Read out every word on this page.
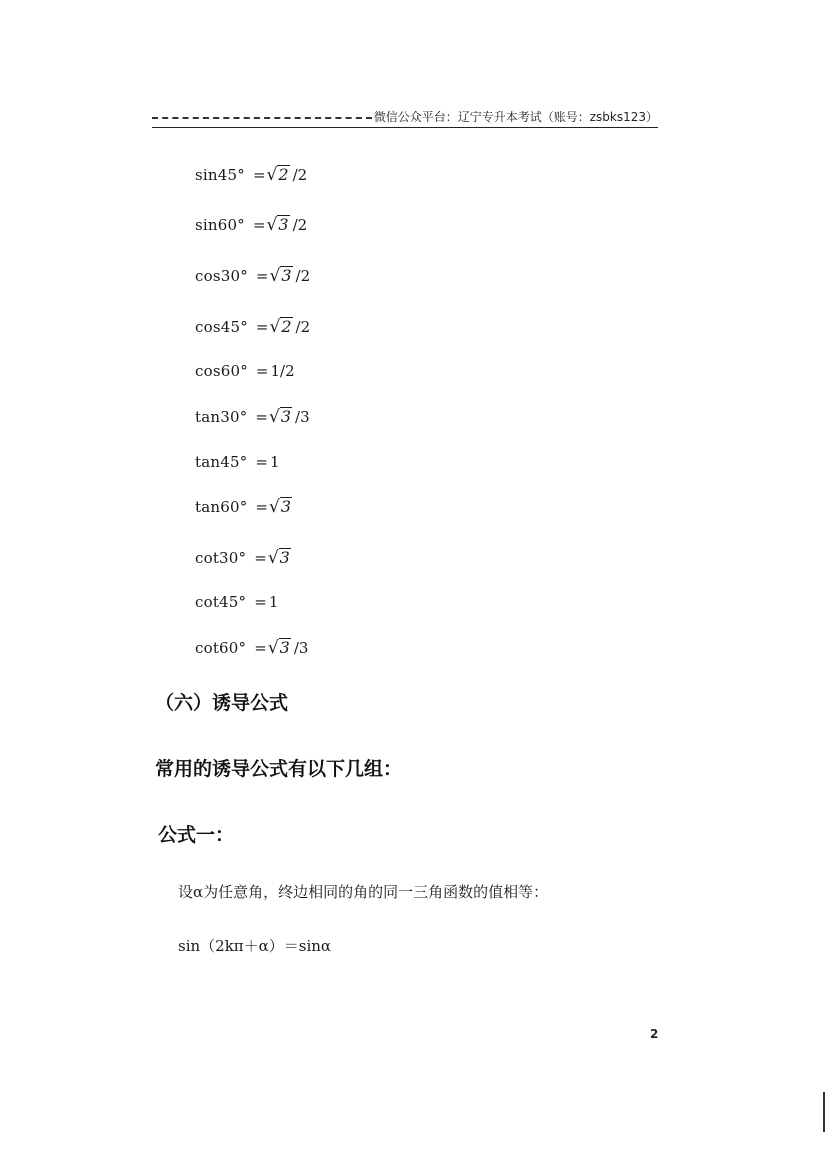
微信公众平台：辽宁专升本考试（账号：zsbks123）
sin45° = √ 2 /2
sin60° = √ 3 /2
cos30° = √ 3 /2
cos45° = √ 2 /2
cos60° = 1/2
tan30° = √ 3 /3
tan45° = 1
tan60° = √ 3
cot30° = √ 3
cot45° = 1
cot60° = √ 3 /3
（六）诱导公式
常用的诱导公式有以下几组：
公式一：
设α为任意角，终边相同的角的同一三角函数的值相等：
sin（2kπ＋α）＝sinα
2
